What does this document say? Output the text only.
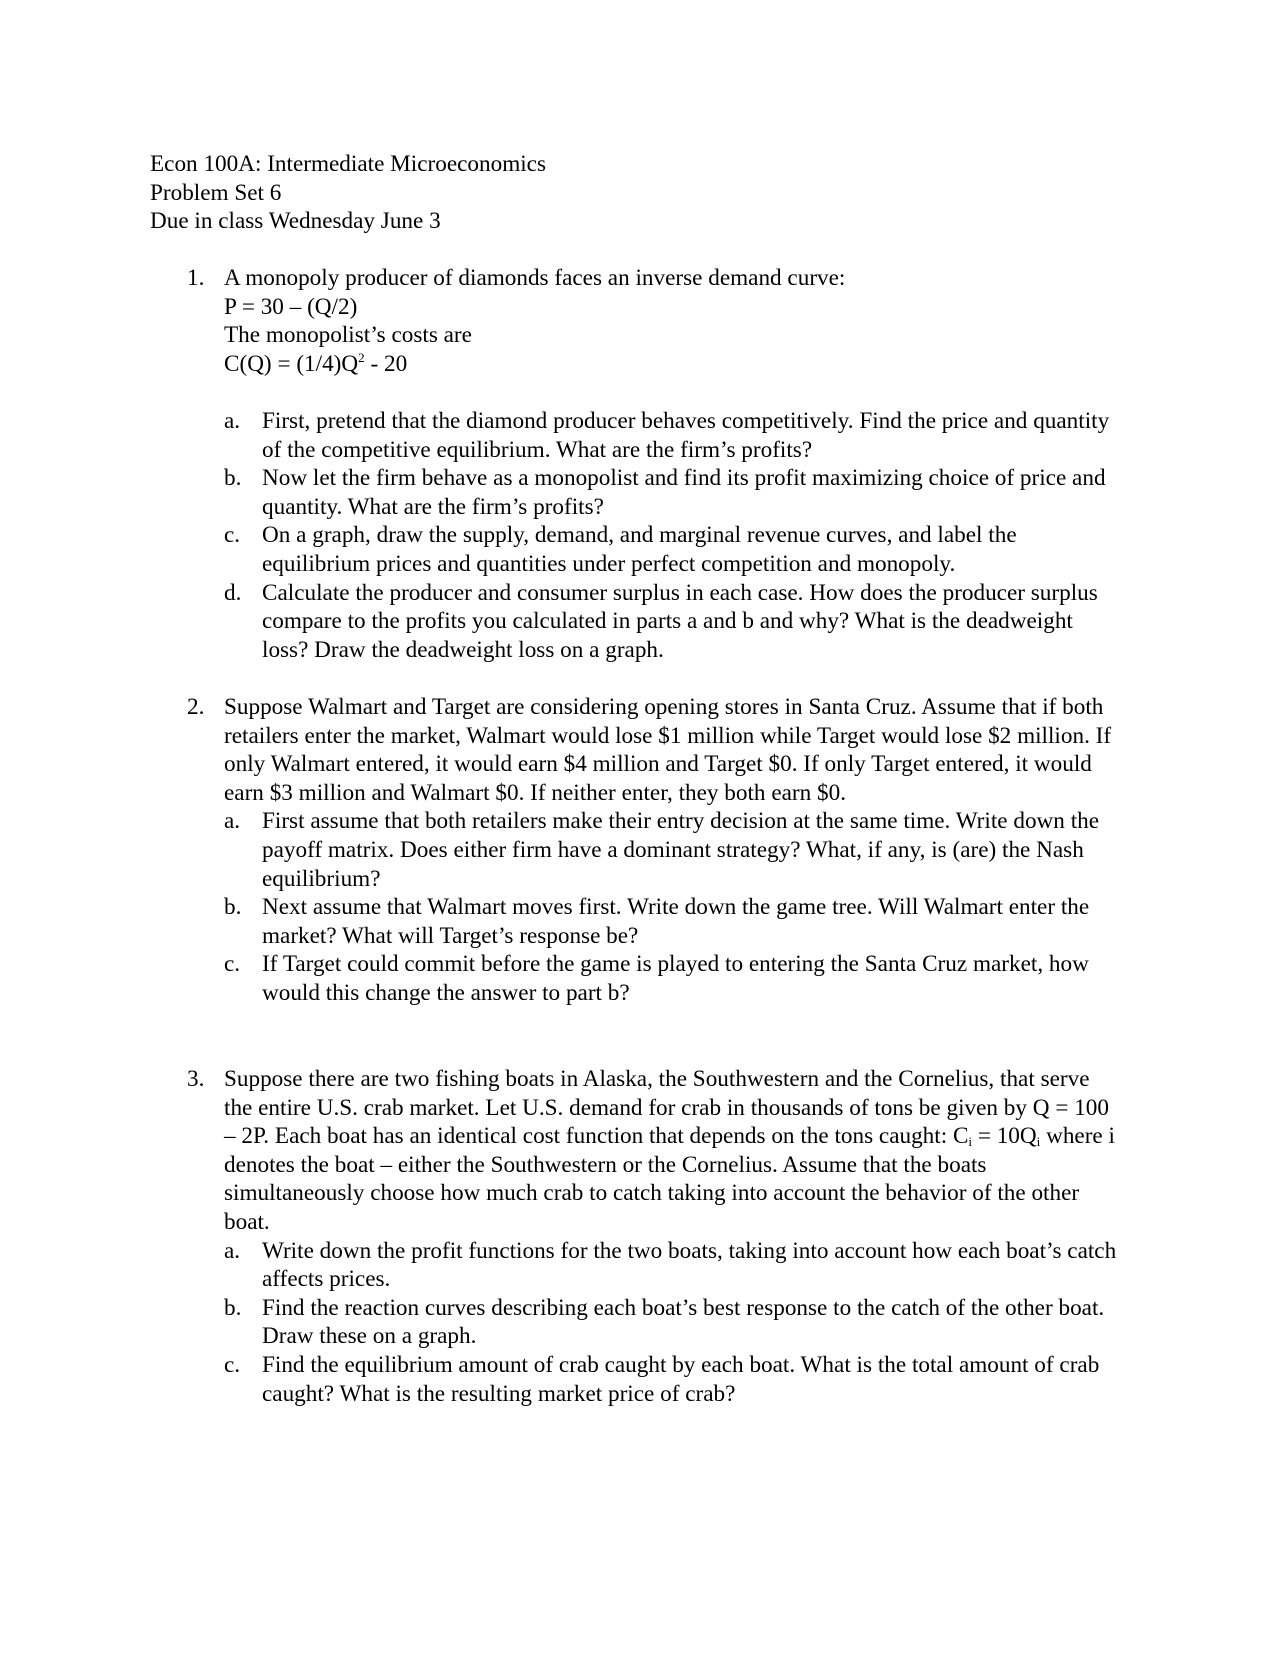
Econ 100A: Intermediate Microeconomics
Problem Set 6
Due in class Wednesday June 3
1. A monopoly producer of diamonds faces an inverse demand curve:
P = 30 – (Q/2)
The monopolist’s costs are
$C(Q) = (1/4)Q^2 - 20$
a. First, pretend that the diamond producer behaves competitively. Find the price and quantity of the competitive equilibrium. What are the firm’s profits?
b. Now let the firm behave as a monopolist and find its profit maximizing choice of price and quantity. What are the firm’s profits?
c. On a graph, draw the supply, demand, and marginal revenue curves, and label the equilibrium prices and quantities under perfect competition and monopoly.
d. Calculate the producer and consumer surplus in each case. How does the producer surplus compare to the profits you calculated in parts a and b and why? What is the deadweight loss? Draw the deadweight loss on a graph.
2. Suppose Walmart and Target are considering opening stores in Santa Cruz. Assume that if both retailers enter the market, Walmart would lose $1 million while Target would lose $2 million. If only Walmart entered, it would earn $4 million and Target $0. If only Target entered, it would earn $3 million and Walmart $0. If neither enter, they both earn $0.
a. First assume that both retailers make their entry decision at the same time. Write down the payoff matrix. Does either firm have a dominant strategy? What, if any, is (are) the Nash equilibrium?
b. Next assume that Walmart moves first. Write down the game tree. Will Walmart enter the market? What will Target’s response be?
c. If Target could commit before the game is played to entering the Santa Cruz market, how would this change the answer to part b?
3. Suppose there are two fishing boats in Alaska, the Southwestern and the Cornelius, that serve the entire U.S. crab market. Let U.S. demand for crab in thousands of tons be given by Q = 100 – 2P. Each boat has an identical cost function that depends on the tons caught: $C_i = 10Q_i$ where i denotes the boat – either the Southwestern or the Cornelius. Assume that the boats simultaneously choose how much crab to catch taking into account the behavior of the other boat.
a. Write down the profit functions for the two boats, taking into account how each boat’s catch affects prices.
b. Find the reaction curves describing each boat’s best response to the catch of the other boat. Draw these on a graph.
c. Find the equilibrium amount of crab caught by each boat. What is the total amount of crab caught? What is the resulting market price of crab?
